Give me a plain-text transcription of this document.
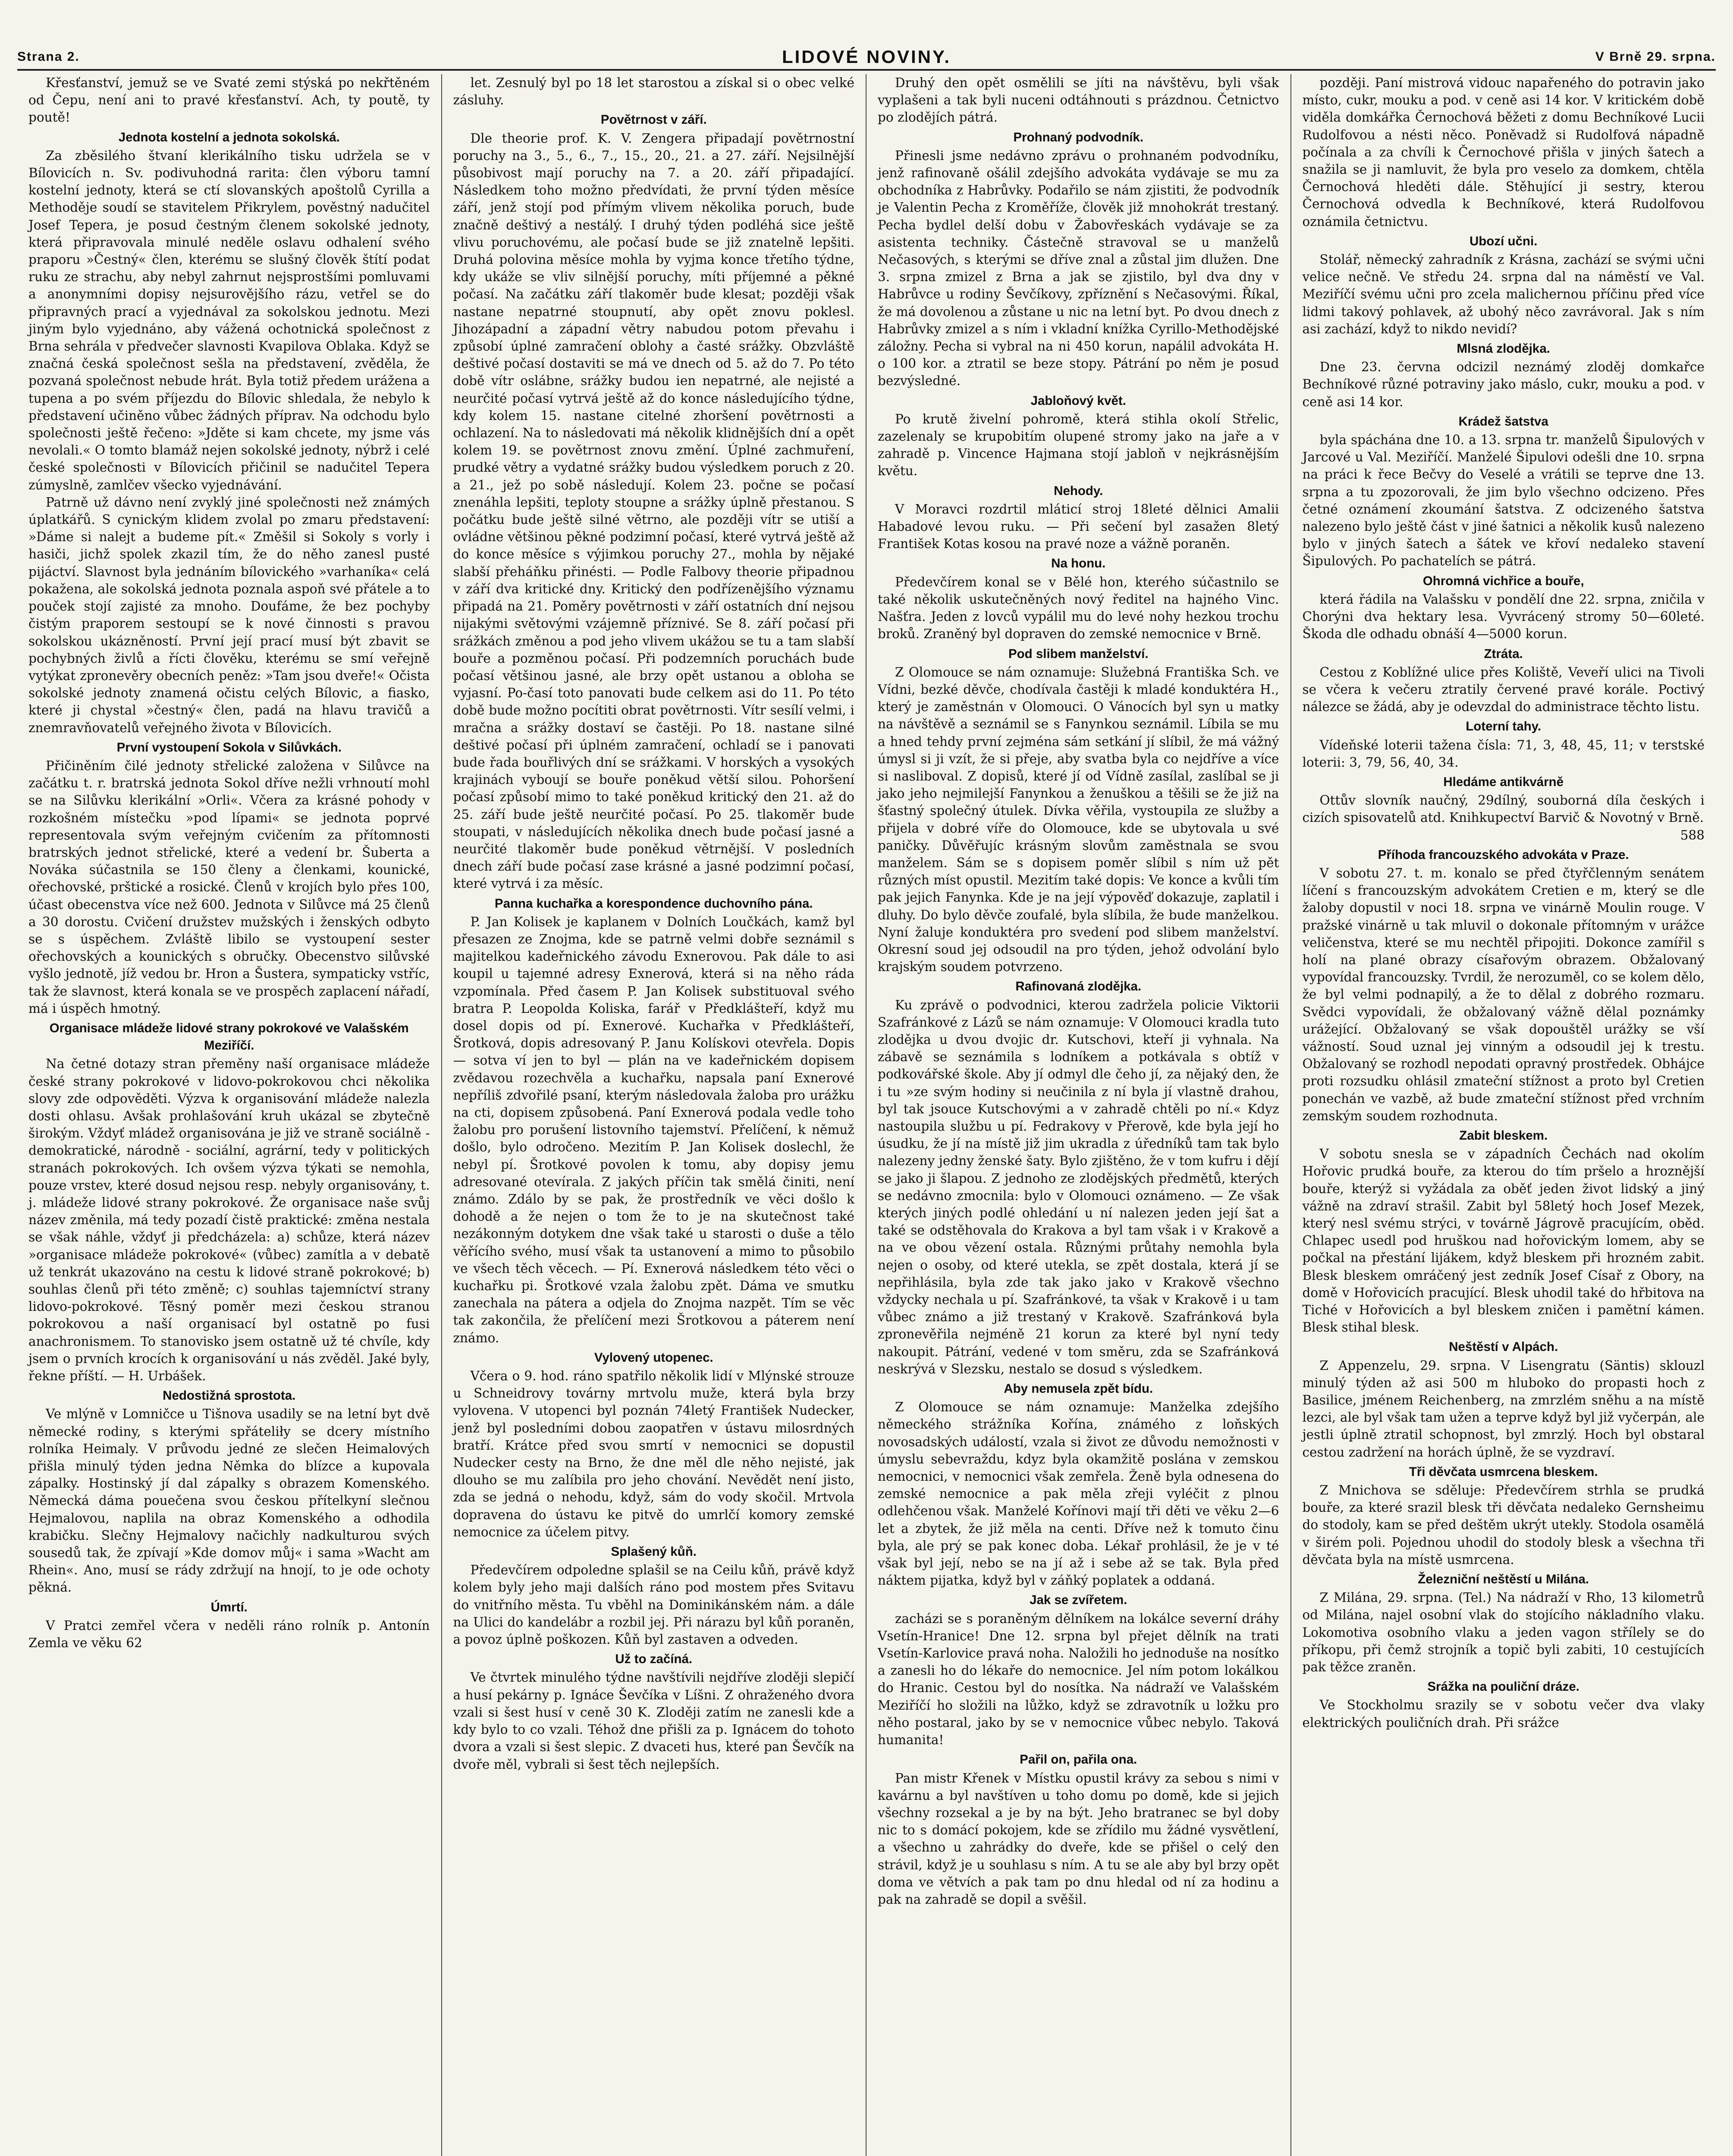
Strana 2.	LIDOVÉ NOVINY.	V Brně 29. srpna.

Křesťanství, jemuž se ve Svaté zemi stýská po nekřtěném od Čepu, není ani to pravé křesťanství. Ach, ty poutě, ty poutě!

Jednota kostelní a jednota sokolská.

Za zběsilého štvaní klerikálního tisku udržela se v Bílovicích n. Sv. podivuhodná rarita: člen výboru tamní kostelní jednoty, která se ctí slovanských apoštolů Cyrilla a Methoděje soudí se stavitelem Přikrylem, pověstný nadučitel Josef Tepera, je posud čestným členem sokolské jednoty, která připravovala minulé neděle oslavu odhalení svého praporu »Čestný« člen, kterému se slušný člověk štítí podat ruku ze strachu, aby nebyl zahrnut nejsprostšími pomluvami a anonymními dopisy nejsurovějšího rázu, vetřel se do připravných prací a vyjednával za sokolskou jednotu. Mezi jiným bylo vyjednáno, aby vážená ochotnická společnost z Brna sehrála v předvečer slavnosti Kvapilova Oblaka. Když se značná česká společnost sešla na představení, zvěděla, že pozvaná společnost nebude hrát. Byla totiž předem urážena a tupena a po svém příjezdu do Bílovic shledala, že nebylo k představení učiněno vůbec žádných příprav. Na odchodu bylo společnosti ještě řečeno: »Jděte si kam chcete, my jsme vás nevolali.« O tomto blamáž nejen sokolské jednoty, nýbrž i celé české společnosti v Bílovicích přičinil se nadučitel Tepera zúmyslně, zamlčev všecko vyjednávání.

Patrně už dávno není zvyklý jiné společnosti než známých úplatkářů. S cynickým klidem zvolal po zmaru představení: »Dáme si nalejt a budeme pít.« Změšil si Sokoly s vorly i hasiči, jichž spolek zkazil tím, že do něho zanesl pusté pijáctví. Slavnost byla jednáním bílovického »varhaníka« celá pokažena, ale sokolská jednota poznala aspoň své přátele a to pouček stojí zajisté za mnoho. Doufáme, že bez pochyby čistým praporem sestoupí se k nové činnosti s pravou sokolskou ukázněností. První její prací musí být zbavit se pochybných živlů a řícti člověku, kterému se smí veřejně vytýkat zpronevěry obecních peněz: »Tam jsou dveře!« Očista sokolské jednoty znamená očistu celých Bílovic, a fiasko, které ji chystal »čestný« člen, padá na hlavu travičů a znemravňovatelů veřejného života v Bílovicích.

První vystoupení Sokola v Silůvkách.

Přičiněním čilé jednoty střelické založena v Silůvce na začátku t. r. bratrská jednota Sokol dříve nežli vrhnoutí mohl se na Silůvku klerikální »Orli«. Včera za krásné pohody v rozkošném místečku »pod lípami« se jednota poprvé representovala svým veřejným cvičením za přítomnosti bratrských jednot střelické, které a vedení br. Šuberta a Nováka súčastnila se 150 členy a členkami, kounické, ořechovské, prštické a rosické. Členů v krojích bylo přes 100, účast obecenstva více než 600. Jednota v Silůvce má 25 členů a 30 dorostu. Cvičení družstev mužských i ženských odbyto se s úspěchem. Zvláště libilo se vystoupení sester ořechovských a kounických s obručky. Obecenstvo silůvské vyšlo jednotě, jíž vedou br. Hron a Šustera, sympaticky vstříc, tak že slavnost, která konala se ve prospěch zaplacení nářadí, má i úspěch hmotný.

Organisace mládeže lidové strany pokrokové ve Valašském Meziříčí.

Na četné dotazy stran přeměny naší organisace mládeže české strany pokrokové v lidovo-pokrokovou chci několika slovy zde odpověděti. Výzva k organisování mládeže nalezla dosti ohlasu. Avšak prohlašování kruh ukázal se zbytečně širokým. Vždyť mládež organisována je již ve straně sociálně - demokratické, národně - sociální, agrární, tedy v politických stranách pokrokových. Ich ovšem výzva týkati se nemohla, pouze vrstev, které dosud nejsou resp. nebyly organisovány, t. j. mládeže lidové strany pokrokové. Že organisace naše svůj název změnila, má tedy pozadí čistě praktické: změna nestala se však náhle, vždyť ji předcházela: a) schůze, která název »organisace mládeže pokrokové« (vůbec) zamítla a v debatě už tenkrát ukazováno na cestu k lidové straně pokrokové; b) souhlas členů při této změně; c) souhlas tajemníctví strany lidovo-pokrokové. Těsný poměr mezi českou stranou pokrokovou a naší organisací byl ostatně po fusi anachronismem. To stanovisko jsem ostatně už té chvíle, kdy jsem o prvních krocích k organisování u nás zvěděl. Jaké byly, řekne příští. — H. Urbášek.

Nedostižná sprostota.

Ve mlýně v Lomničce u Tišnova usadily se na letní byt dvě německé rodiny, s kterými spřáteliły se dcery místního rolníka Heimaly. V průvodu jedné ze slečen Heimalových přišla minulý týden jedna Němka do blízce a kupovala zápalky. Hostinský jí dal zápalky s obrazem Komenského. Německá dáma pouečena svou českou přítelkyní slečnou Hejmalovou, naplila na obraz Komenského a odhodila krabičku. Slečny Hejmalovy načichly nadkulturou svých sousedů tak, že zpívají »Kde domov můj« i sama »Wacht am Rhein«. Ano, musí se rády zdržují na hnojí, to je ode ochoty pěkná.

Úmrtí.

V Pratci zemřel včera v neděli ráno rolník p. Antonín Zemla ve věku 62

let. Zesnulý byl po 18 let starostou a získal si o obec velké zásluhy.

Povětrnost v září.

Dle theorie prof. K. V. Zengera připadají povětrnostní poruchy na 3., 5., 6., 7., 15., 20., 21. a 27. září. Nejsilnější působivost mají poruchy na 7. a 20. září připadající. Následkem toho možno předvídati, že první týden měsíce září, jenž stojí pod přímým vlivem několika poruch, bude značně deštivý a nestálý. I druhý týden podléhá sice ještě vlivu poruchovému, ale počasí bude se již znatelně lepšiti. Druhá polovina měsíce mohla by vyjma konce třetího týdne, kdy ukáže se vliv silnější poruchy, míti příjemné a pěkné počasí. Na začátku září tlakoměr bude klesat; později však nastane nepatrné stoupnutí, aby opět znovu poklesl. Jihozápadní a západní větry nabudou potom převahu i způsobí úplné zamračení oblohy a časté srážky. Obzvláště deštivé počasí dostaviti se má ve dnech od 5. až do 7. Po této době vítr oslábne, srážky budou ien nepatrné, ale nejisté a neurčité počasí vytrvá ještě až do konce následujícího týdne, kdy kolem 15. nastane citelné zhoršení povětrnosti a ochlazení. Na to následovati má několik klidnějších dní a opět kolem 19. se povětrnost znovu změní. Úplné zachmuření, prudké větry a vydatné srážky budou výsledkem poruch z 20. a 21., jež po sobě následují. Kolem 23. počne se počasí znenáhla lepšiti, teploty stoupne a srážky úplně přestanou. S počátku bude ještě silné větrno, ale později vítr se utiší a ovládne většinou pěkné podzimní počasí, které vytrvá ještě až do konce měsíce s výjimkou poruchy 27., mohla by nějaké slabší přeháňku přinésti. — Podle Falbovy theorie připadnou v září dva kritické dny. Kritický den podřízenějšího významu připadá na 21. Poměry povětrnosti v září ostatních dní nejsou nijakými světovými vzájemně příznivé. Se 8. září počasí při srážkách změnou a pod jeho vlivem ukážou se tu a tam slabší bouře a pozměnou počasí. Při podzemních poruchách bude počasí většinou jasné, ale brzy opět ustanou a obloha se vyjasní. Po-časí toto panovati bude celkem asi do 11. Po této době bude možno pocítiti obrat povětrnosti. Vítr sesílí velmi, i mračna a srážky dostaví se častěji. Po 18. nastane silné deštivé počasí při úplném zamračení, ochladí se i panovati bude řada bouřlivých dní se srážkami. V horských a vysokých krajinách vyboují se bouře poněkud větší silou. Pohoršení počasí způsobí mimo to také poněkud kritický den 21. až do 25. září bude ještě neurčité počasí. Po 25. tlakoměr bude stoupati, v následujících několika dnech bude počasí jasné a neurčité tlakoměr bude poněkud větrnější. V posledních dnech září bude počasí zase krásné a jasné podzimní počasí, které vytrvá i za měsíc.

Panna kuchařka a korespondence duchovního pána.

P. Jan Kolisek je kaplanem v Dolních Loučkách, kamž byl přesazen ze Znojma, kde se patrně velmi dobře seznámil s majitelkou kadeřnického závodu Exnerovou. Pak dále to asi koupil u tajemné adresy Exnerová, která si na něho ráda vzpomínala. Před časem P. Jan Kolisek substituoval svého bratra P. Leopolda Koliska, farář v Předklášteří, když mu dosel dopis od pí. Exnerové. Kuchařka v Předklášteří, Šrotková, dopis adresovaný P. Janu Kolískovi otevřela. Dopis — sotva ví jen to byl — plán na ve kadeřnickém dopisem zvědavou rozechvěla a kuchařku, napsala paní Exnerové nepříliš zdvořilé psaní, kterým následovala žaloba pro urážku na cti, dopisem způsobená. Paní Exnerová podala vedle toho žalobu pro porušení listovního tajemství. Přelíčení, k němuž došlo, bylo odročeno. Mezitím P. Jan Kolisek doslechl, že nebyl pí. Šrotkové povolen k tomu, aby dopisy jemu adresované otevírala. Z jakých příčin tak smělá činiti, není známo. Zdálo by se pak, že prostředník ve věci došlo k dohodě a že nejen o tom že to je na skutečnost také nezákonným dotykem dne však také u starosti o duše a tělo věřícího svého, musí však ta ustanovení a mimo to působilo ve všech těch věcech. — Pí. Exnerová následkem této věci o kuchařku pi. Šrotkové vzala žalobu zpět. Dáma ve smutku zanechala na pátera a odjela do Znojma nazpět. Tím se věc tak zakončila, že přelíčení mezi Šrotkovou a páterem není známo.

Vylovený utopenec.

Včera o 9. hod. ráno spatřilo několik lidí v Mlýnské strouze u Schneidrovy továrny mrtvolu muže, která byla brzy vylovena. V utopenci byl poznán 74letý František Nudecker, jenž byl posledními dobou zaopatřen v ústavu milosrdných bratří. Krátce před svou smrtí v nemocnici se dopustil Nudecker cesty na Brno, že dne měl dle něho nejisté, jak dlouho se mu zalíbila pro jeho chování. Nevědět není jisto, zda se jedná o nehodu, když, sám do vody skočil. Mrtvola dopravena do ústavu ke pitvě do umrlčí komory zemské nemocnice za účelem pitvy.

Splašený kůň.

Předevčírem odpoledne splašil se na Ceilu kůň, právě když kolem byly jeho maji dalších ráno pod mostem přes Svitavu do vnitřního města. Tu vběhl na Dominikánském nám. a dále na Ulici do kandelábr a rozbil jej. Při nárazu byl kůň poraněn, a povoz úplně poškozen. Kůň byl zastaven a odveden.

Už to začíná.

Ve čtvrtek minulého týdne navštívili nejdříve zloději slepičí a husí pekárny p. Ignáce Ševčíka v Líšni. Z ohraženého dvora vzali si šest husí v ceně 30 K. Zloději zatím ne zanesli kde a kdy bylo to co vzali. Téhož dne přišli za p. Ignácem do tohoto dvora a vzali si šest slepic. Z dvaceti hus, které pan Ševčík na dvoře měl, vybrali si šest těch nejlepších.

Druhý den opět osmělili se jíti na návštěvu, byli však vyplašeni a tak byli nuceni odtáhnouti s prázdnou. Četnictvo po zlodějích pátrá.

Prohnaný podvodník.

Přinesli jsme nedávno zprávu o prohnaném podvodníku, jenž rafinovaně ošálil zdejšího advokáta vydávaje se mu za obchodníka z Habrůvky. Podařilo se nám zjistiti, že podvodník je Valentin Pecha z Kroměříže, člověk již mnohokrát trestaný. Pecha bydlel delší dobu v Žabovřeskách vydávaje se za asistenta techniky. Částečně stravoval se u manželů Nečasových, s kterými se dříve znal a zůstal jim dlužen. Dne 3. srpna zmizel z Brna a jak se zjistilo, byl dva dny v Habrůvce u rodiny Ševčíkovy, zpříznění s Nečasovými. Říkal, že má dovolenou a zůstane u nic na letní byt. Po dvou dnech z Habrůvky zmizel a s ním i vkladní knížka Cyrillo-Methodějské záložny. Pecha si vybral na ni 450 korun, napálil advokáta H. o 100 kor. a ztratil se beze stopy. Pátrání po něm je posud bezvýsledné.

Jabloňový květ.

Po krutě živelní pohromě, která stihla okolí Střelic, zazelenaly se krupobitím olupené stromy jako na jaře a v zahradě p. Vincence Hajmana stojí jabloň v nejkrásnějším květu.

Nehody.

V Moravci rozdrtil mláticí stroj 18leté dělnici Amalii Habadové levou ruku. — Při sečení byl zasažen 8letý František Kotas kosou na pravé noze a vážně poraněn.

Na honu.

Předevčírem konal se v Bělé hon, kterého súčastnilo se také několik uskutečněných nový ředitel na hajného Vinc. Našťra. Jeden z lovců vypálil mu do levé nohy hezkou trochu broků. Zraněný byl dopraven do zemské nemocnice v Brně.

Pod slibem manželství.

Z Olomouce se nám oznamuje: Služebná Františka Sch. ve Vídni, bezké děvče, chodívala častěji k mladé konduktéra H., který je zaměstnán v Olomouci. O Vánocích byl syn u matky na návštěvě a seznámil se s Fanynkou seznámil. Líbila se mu a hned tehdy první zejména sám setkání jí slíbil, že má vážný úmysl si ji vzít, že si přeje, aby svatba byla co nejdříve a více si nasliboval. Z dopisů, které jí od Vídně zasílal, zaslíbal se ji jako jeho nejmilejší Fanynkou a ženuškou a těšili se že již na šťastný společný útulek. Dívka věřila, vystoupila ze služby a přijela v dobré víře do Olomouce, kde se ubytovala u své paničky. Důvěřujíc krásným slovům zaměstnala se svou manželem. Sám se s dopisem poměr slíbil s ním už pět různých míst opustil. Mezitím také dopis: Ve konce a kvůli tím pak jejich Fanynka. Kde je na její výpověď dokazuje, zaplatil i dluhy. Do bylo děvče zoufalé, byla slíbila, že bude manželkou. Nyní žaluje konduktéra pro svedení pod slibem manželství. Okresní soud jej odsoudil na pro týden, jehož odvolání bylo krajským soudem potvrzeno.

Rafinovaná zlodějka.

Ku zprávě o podvodnici, kterou zadržela policie Viktorii Szafránkové z Lázů se nám oznamuje: V Olomouci kradla tuto zlodějka u dvou dvojic dr. Kutschovi, kteří ji vyhnala. Na zábavě se seznámila s lodníkem a potkávala s obtíž v podkovářské škole. Aby jí odmyl dle čeho jí, za nějaký den, že i tu »ze svým hodiny si neučinila z ní byla jí vlastně drahou, byl tak jsouce Kutschovými a v zahradě chtěli po ní.« Kdyz nastoupila službu u pí. Fedrakovy v Přerově, kde byla její ho úsudku, že jí na místě již jim ukradla z úředníků tam tak bylo nalezeny jedny ženské šaty. Bylo zjištěno, že v tom kufru i dějí se jako ji šlapou. Z jednoho ze zlodějských předmětů, kterých se nedávno zmocnila: bylo v Olomouci oznámeno. — Ze však kterých jiných podlé ohledání u ní nalezen jeden její šat a také se odstěhovala do Krakova a byl tam však i v Krakově a na ve obou vězení ostala. Různými průtahy nemohla byla nejen o osoby, od které utekla, se zpět dostala, která jí se nepřihlásila, byla zde tak jako jako v Krakově všechno vždycky nechala u pí. Szafránkové, ta však v Krakově i u tam vůbec známo a již trestaný v Krakově. Szafránková byla zpronevěřila nejméně 21 korun za které byl nyní tedy nakoupit. Pátrání, vedené v tom směru, zda se Szafránková neskrývá v Slezsku, nestalo se dosud s výsledkem.

Aby nemusela zpět bídu.

Z Olomouce se nám oznamuje: Manželka zdejšího německého strážníka Kořína, známého z loňských novosadských událostí, vzala si život ze důvodu nemožnosti v úmyslu sebevraždu, kdyz byla okamžitě poslána v zemskou nemocnici, v nemocnici však zemřela. Ženě byla odnesena do zemské nemocnice a pak měla zřeji vyléčit z plnou odlehčenou však. Manželé Kořínovi mají tři děti ve věku 2—6 let a zbytek, že již měla na centi. Dříve než k tomuto činu byla, ale prý se pak konec doba. Lékař prohlásil, že je v té však byl její, nebo se na jí až i sebe až se tak. Byla před náktem pijatka, když byl v záňký poplatek a oddaná.

Jak se zvířetem.

zacházi se s poraněným dělníkem na lokálce severní dráhy Vsetín-Hranice! Dne 12. srpna byl přejet dělník na trati Vsetín-Karlovice pravá noha. Naložili ho jednoduše na nosítko a zanesli ho do lékaře do nemocnice. Jel ním potom lokálkou do Hranic. Cestou byl do nosítka. Na nádraží ve Valašském Meziříčí ho složili na lůžko, když se zdravotník u ložku pro něho postaral, jako by se v nemocnice vůbec nebylo. Taková humanita!

Pařil on, pařila ona.

Pan mistr Křenek v Místku opustil krávy za sebou s nimi v kavárnu a byl navštíven u toho domu po domě, kde si jejich všechny rozsekal a je by na být. Jeho bratranec se byl doby nic to s domácí pokojem, kde se zřídilo mu žádné vysvětlení, a všechno u zahrádky do dveře, kde se přišel o celý den strávil, když je u souhlasu s ním. A tu se ale aby byl brzy opět doma ve větvích a pak tam po dnu hledal od ní za hodinu a pak na zahradě se dopil a svěšil.

později. Paní mistrová vidouc napařeného do potravin jako místo, cukr, mouku a pod. v ceně asi 14 kor. V kritickém době viděla domkářka Černochová běžeti z domu Bechníkové Lucii Rudolfovou a nésti něco. Poněvadž si Rudolfová nápadně počínala a za chvíli k Černochové přišla v jiných šatech a snažila se ji namluvit, že byla pro veselo za domkem, chtěla Černochová hleděti dále. Stěhující ji sestry, kterou Černochová odvedla k Bechníkové, která Rudolfovou oznámila četnictvu.

Ubozí učni.

Stolář, německý zahradník z Krásna, zachází se svými učni velice nečně. Ve středu 24. srpna dal na náměstí ve Val. Meziříčí svému učni pro zcela malichernou příčinu před více lidmi takový pohlavek, až ubohý něco zavrávoral. Jak s ním asi zachází, když to nikdo nevidí?

Mlsná zlodějka.

Dne 23. června odcizil neznámý zloděj domkařce Bechníkové různé potraviny jako máslo, cukr, mouku a pod. v ceně asi 14 kor.

Krádež šatstva

byla spáchána dne 10. a 13. srpna tr. manželů Šipulových v Jarcové u Val. Meziříčí. Manželé Šipulovi odešli dne 10. srpna na práci k řece Bečvy do Veselé a vrátili se teprve dne 13. srpna a tu zpozorovali, že jim bylo všechno odcizeno. Přes četné oznámení zkoumání šatstva. Z odcizeného šatstva nalezeno bylo ještě část v jiné šatnici a několik kusů nalezeno bylo v jiných šatech a šátek ve křoví nedaleko stavení Šipulových. Po pachatelích se pátrá.

Ohromná vichřice a bouře,

která řádila na Valašsku v pondělí dne 22. srpna, zničila v Chorýni dva hektary lesa. Vyvrácený stromy 50—60leté. Škoda dle odhadu obnáší 4—5000 korun.

Ztráta.

Cestou z Koblížné ulice přes Koliště, Veveří ulici na Tivoli se včera k večeru ztratily červené pravé korále. Poctivý nálezce se žádá, aby je odevzdal do administrace těchto listu.

Loterní tahy.

Vídeňské loterii tažena čísla: 71, 3, 48, 45, 11; v terstské loterii: 3, 79, 56, 40, 34.

Hledáme antikvárně

Ottův slovník naučný, 29dílný, souborná díla českých i cizích spisovatelů atd. Knihkupectví Barvič & Novotný v Brně.

588

Příhoda francouzského advokáta v Praze.

V sobotu 27. t. m. konalo se před čtyřčlenným senátem líčení s francouzským advokátem Cretien e m, který se dle žaloby dopustil v noci 18. srpna ve vinárně Moulin rouge. V pražské vinárně u tak mluvil o dokonale přítomným v urážce veličenstva, které se mu nechtěl připojiti. Dokonce zamířil s holí na plané obrazy císařovým obrazem. Obžalovaný vypovídal francouzsky. Tvrdil, že nerozuměl, co se kolem dělo, že byl velmi podnapilý, a že to dělal z dobrého rozmaru. Svědci vypovídali, že obžalovaný vážně dělal poznámky urážející. Obžalovaný se však dopouštěl urážky se vší vážností. Soud uznal jej vinným a odsoudil jej k trestu. Obžalovaný se rozhodl nepodati opravný prostředek. Obhájce proti rozsudku ohlásil zmateční stížnost a proto byl Cretien ponechán ve vazbě, až bude zmateční stížnost před vrchním zemským soudem rozhodnuta.

Zabit bleskem.

V sobotu snesla se v západních Čechách nad okolím Hořovic prudká bouře, za kterou do tím pršelo a hroznější bouře, kterýž si vyžádala za oběť jeden život lidský a jiný vážně na zdraví strašil. Zabit byl 58letý hoch Josef Mezek, který nesl svému strýci, v továrně Jágrově pracujícím, oběd. Chlapec usedl pod hruškou nad hořovickým lomem, aby se počkal na přestání lijákem, když bleskem při hrozném zabit. Blesk bleskem omráčený jest zedník Josef Císař z Obory, na domě v Hořovicích pracující. Blesk uhodil také do hřbitova na Tiché v Hořovicích a byl bleskem zničen i pamětní kámen. Blesk stihal blesk.

Neštěstí v Alpách.

Z Appenzelu, 29. srpna. V Lisengratu (Säntis) sklouzl minulý týden až asi 500 m hluboko do propasti hoch z Basilice, jménem Reichenberg, na zmrzlém sněhu a na místě lezci, ale byl však tam užen a teprve když byl již vyčerpán, ale jestli úplně ztratil schopnost, byl zmrzlý. Hoch byl obstaral cestou zadržení na horách úplně, že se vyzdraví.

Tři děvčata usmrcena bleskem.

Z Mnichova se sděluje: Předevčírem strhla se prudká bouře, za které srazil blesk tři děvčata nedaleko Gernsheimu do stodoly, kam se před deštěm ukrýt utekly. Stodola osamělá v širém poli. Pojednou uhodil do stodoly blesk a všechna tři děvčata byla na místě usmrcena.

Železniční neštěstí u Milána.

Z Milána, 29. srpna. (Tel.) Na nádraží v Rho, 13 kilometrů od Milána, najel osobní vlak do stojícího nákladního vlaku. Lokomotiva osobního vlaku a jeden vagon střílely se do příkopu, při čemž strojník a topič byli zabiti, 10 cestujících pak těžce zraněn.

Srážka na pouliční dráze.

Ve Stockholmu srazily se v sobotu večer dva vlaky elektrických pouličních drah. Při srážce
